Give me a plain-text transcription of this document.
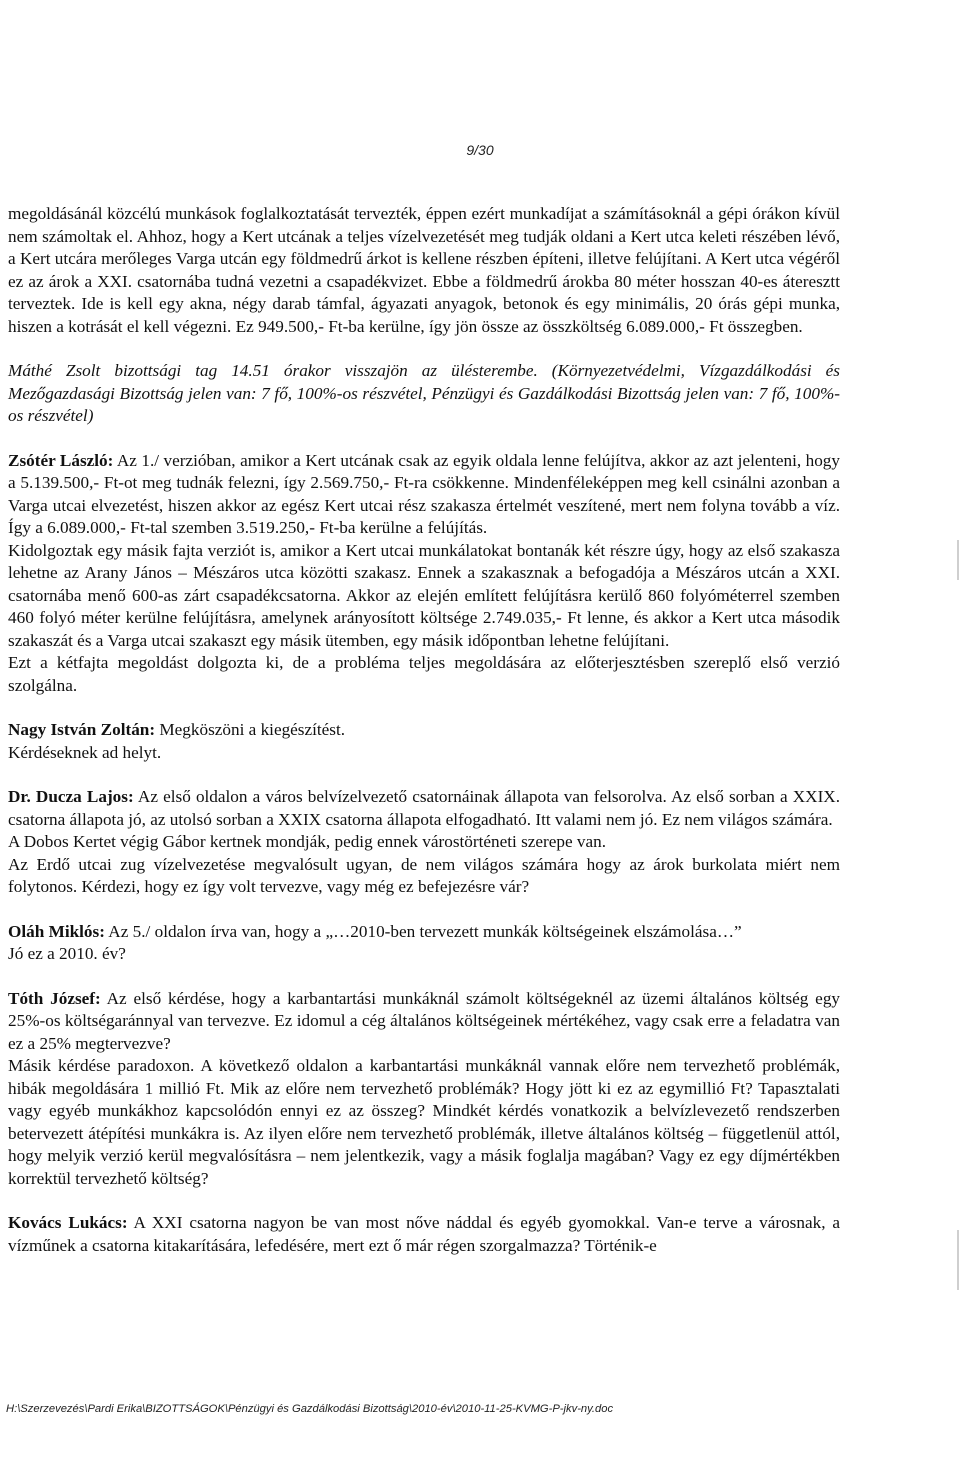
9/30

megoldásánál közcélú munkások foglalkoztatását tervezték, éppen ezért munkadíjat a számításoknál a gépi órákon kívül nem számoltak el. Ahhoz, hogy a Kert utcának a teljes vízelvezetését meg tudják oldani a Kert utca keleti részében lévő, a Kert utcára merőleges Varga utcán egy földmedrű árkot is kellene részben építeni, illetve felújítani. A Kert utca végéről ez az árok a XXI. csatornába tudná vezetni a csapadékvizet. Ebbe a földmedrű árokba 80 méter hosszan 40-es áteresztt terveztek. Ide is kell egy akna, négy darab támfal, ágyazati anyagok, betonok és egy minimális, 20 órás gépi munka, hiszen a kotrását el kell végezni. Ez 949.500,- Ft-ba kerülne, így jön össze az összköltség 6.089.000,- Ft összegben.

Máthé Zsolt bizottsági tag 14.51 órakor visszajön az ülésterembe. (Környezetvédelmi, Vízgazdálkodási és Mezőgazdasági Bizottság jelen van: 7 fő, 100%-os részvétel, Pénzügyi és Gazdálkodási Bizottság jelen van: 7 fő, 100%-os részvétel)

Zsótér László: Az 1./ verzióban, amikor a Kert utcának csak az egyik oldala lenne felújítva, akkor az azt jelenteni, hogy a 5.139.500,- Ft-ot meg tudnák felezni, így 2.569.750,- Ft-ra csökkenne. Mindenféleképpen meg kell csinálni azonban a Varga utcai elvezetést, hiszen akkor az egész Kert utcai rész szakasza értelmét veszítené, mert nem folyna tovább a víz. Így a 6.089.000,- Ft-tal szemben 3.519.250,- Ft-ba kerülne a felújítás.

Kidolgoztak egy másik fajta verziót is, amikor a Kert utcai munkálatokat bontanák két részre úgy, hogy az első szakasza lehetne az Arany János – Mészáros utca közötti szakasz. Ennek a szakasznak a befogadója a Mészáros utcán a XXI. csatornába menő 600-as zárt csapadékcsatorna. Akkor az elején említett felújításra kerülő 860 folyóméterrel szemben 460 folyó méter kerülne felújításra, amelynek arányosított költsége 2.749.035,- Ft lenne, és akkor a Kert utca második szakaszát és a Varga utcai szakaszt egy másik ütemben, egy másik időpontban lehetne felújítani.

Ezt a kétfajta megoldást dolgozta ki, de a probléma teljes megoldására az előterjesztésben szereplő első verzió szolgálna.

Nagy István Zoltán: Megköszöni a kiegészítést.

Kérdéseknek ad helyt.

Dr. Ducza Lajos: Az első oldalon a város belvízelvezető csatornáinak állapota van felsorolva. Az első sorban a XXIX. csatorna állapota jó, az utolsó sorban a XXIX csatorna állapota elfogadható. Itt valami nem jó. Ez nem világos számára.

A Dobos Kertet végig Gábor kertnek mondják, pedig ennek várostörténeti szerepe van.

Az Erdő utcai zug vízelvezetése megvalósult ugyan, de nem világos számára hogy az árok burkolata miért nem folytonos. Kérdezi, hogy ez így volt tervezve, vagy még ez befejezésre vár?

Oláh Miklós: Az 5./ oldalon írva van, hogy a „…2010-ben tervezett munkák költségeinek elszámolása…”

Jó ez a 2010. év?

Tóth József: Az első kérdése, hogy a karbantartási munkáknál számolt költségeknél az üzemi általános költség egy 25%-os költségaránnyal van tervezve. Ez idomul a cég általános költségeinek mértékéhez, vagy csak erre a feladatra van ez a 25% megtervezve?

Másik kérdése paradoxon. A következő oldalon a karbantartási munkáknál vannak előre nem tervezhető problémák, hibák megoldására 1 millió Ft. Mik az előre nem tervezhető problémák? Hogy jött ki ez az egymillió Ft? Tapasztalati vagy egyéb munkákhoz kapcsolódón ennyi ez az összeg? Mindkét kérdés vonatkozik a belvízlevezető rendszerben betervezett átépítési munkákra is. Az ilyen előre nem tervezhető problémák, illetve általános költség – függetlenül attól, hogy melyik verzió kerül megvalósításra – nem jelentkezik, vagy a másik foglalja magában? Vagy ez egy díjmértékben korrektül tervezhető költség?

Kovács Lukács: A XXI csatorna nagyon be van most nőve náddal és egyéb gyomokkal. Van-e terve a városnak, a vízműnek a csatorna kitakarítására, lefedésére, mert ezt ő már régen szorgalmazza? Történik-e

H:\Szerzevezés\Pardi Erika\BIZOTTSÁGOK\Pénzügyi és Gazdálkodási Bizottság\2010-év\2010-11-25-KVMG-P-jkv-ny.doc
